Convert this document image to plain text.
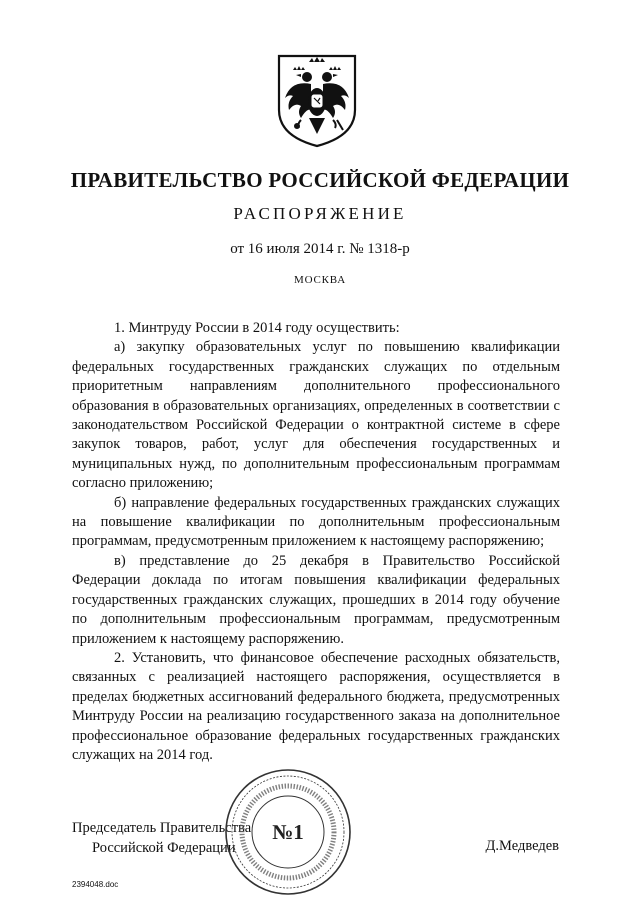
ПРАВИТЕЛЬСТВО РОССИЙСКОЙ ФЕДЕРАЦИИ
РАСПОРЯЖЕНИЕ
от 16 июля 2014 г. № 1318-р
МОСКВА

1. Минтруду России в 2014 году осуществить:

а) закупку образовательных услуг по повышению квалификации федеральных государственных гражданских служащих по отдельным приоритетным направлениям дополнительного профессионального образования в образовательных организациях, определенных в соответствии с законодательством Российской Федерации о контрактной системе в сфере закупок товаров, работ, услуг для обеспечения государственных и муниципальных нужд, по дополнительным профессиональным программам согласно приложению;

б) направление федеральных государственных гражданских служащих на повышение квалификации по дополнительным профессиональным программам, предусмотренным приложением к настоящему распоряжению;

в) представление до 25 декабря в Правительство Российской Федерации доклада по итогам повышения квалификации федеральных государственных гражданских служащих, прошедших в 2014 году обучение по дополнительным профессиональным программам, предусмотренным приложением к настоящему распоряжению.

2. Установить, что финансовое обеспечение расходных обязательств, связанных с реализацией настоящего распоряжения, осуществляется в пределах бюджетных ассигнований федерального бюджета, предусмотренных Минтруду России на реализацию государственного заказа на дополнительное профессиональное образование федеральных государственных гражданских служащих на 2014 год.

Председатель Правительства
Российской Федерации	Д.Медведев
№1
2394048.doc
